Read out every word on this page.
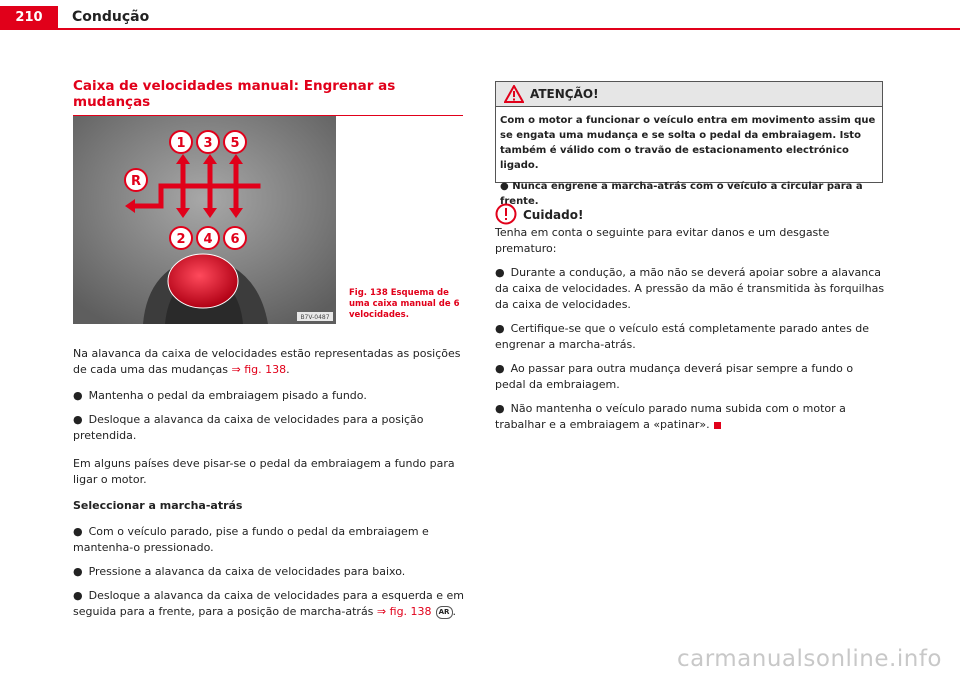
210	Condução
Caixa de velocidades manual: Engrenar as mudanças
1 3 5
2 4 6
R
B7V-0487
Fig. 138 Esquema de uma caixa manual de 6 velocidades.

Na alavanca da caixa de velocidades estão representadas as posições de cada uma das mudanças ⇒ fig. 138.

● Mantenha o pedal da embraiagem pisado a fundo.
● Desloque a alavanca da caixa de velocidades para a posição pretendida.

Em alguns países deve pisar-se o pedal da embraiagem a fundo para ligar o motor.

Seleccionar a marcha-atrás

● Com o veículo parado, pise a fundo o pedal da embraiagem e mantenha-o pressionado.
● Pressione a alavanca da caixa de velocidades para baixo.
● Desloque a alavanca da caixa de velocidades para a esquerda e em seguida para a frente, para a posição de marcha-atrás ⇒ fig. 138 AR .
ATENÇÃO!

Com o motor a funcionar o veículo entra em movimento assim que se engata uma mudança e se solta o pedal da embraiagem. Isto também é válido com o travão de estacionamento electrónico ligado.

● Nunca engrene a marcha-atrás com o veículo a circular para a frente.

Cuidado!

Tenha em conta o seguinte para evitar danos e um desgaste prematuro:

● Durante a condução, a mão não se deverá apoiar sobre a alavanca da caixa de velocidades. A pressão da mão é transmitida às forquilhas da caixa de velocidades.
● Certifique-se que o veículo está completamente parado antes de engrenar a marcha-atrás.
● Ao passar para outra mudança deverá pisar sempre a fundo o pedal da embraiagem.
● Não mantenha o veículo parado numa subida com o motor a trabalhar e a embraiagem a «patinar».
carmanualsonline.info
